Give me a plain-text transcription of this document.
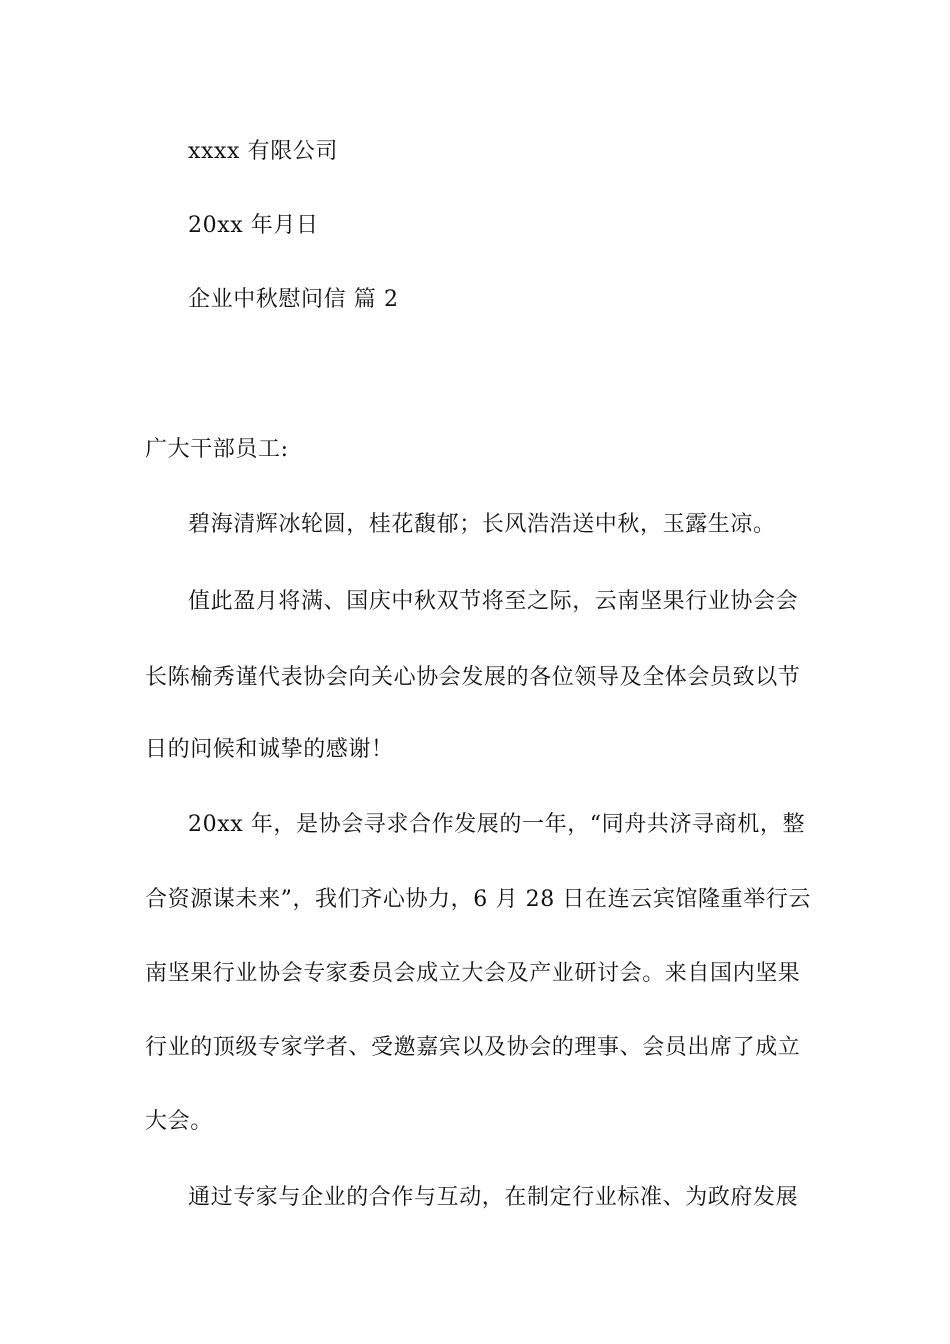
xxxx 有限公司
20xx 年月日
企业中秋慰问信 篇 2
广大干部员工:
碧海清辉冰轮圆，桂花馥郁；长风浩浩送中秋，玉露生凉。
值此盈月将满、国庆中秋双节将至之际，云南坚果行业协会会
长陈榆秀谨代表协会向关心协会发展的各位领导及全体会员致以节
日的问候和诚挚的感谢！
20xx 年，是协会寻求合作发展的一年，“同舟共济寻商机，整
合资源谋未来”，我们齐心协力，6 月 28 日在连云宾馆隆重举行云
南坚果行业协会专家委员会成立大会及产业研讨会。来自国内坚果
行业的顶级专家学者、受邀嘉宾以及协会的理事、会员出席了成立
大会。
通过专家与企业的合作与互动，在制定行业标准、为政府发展
